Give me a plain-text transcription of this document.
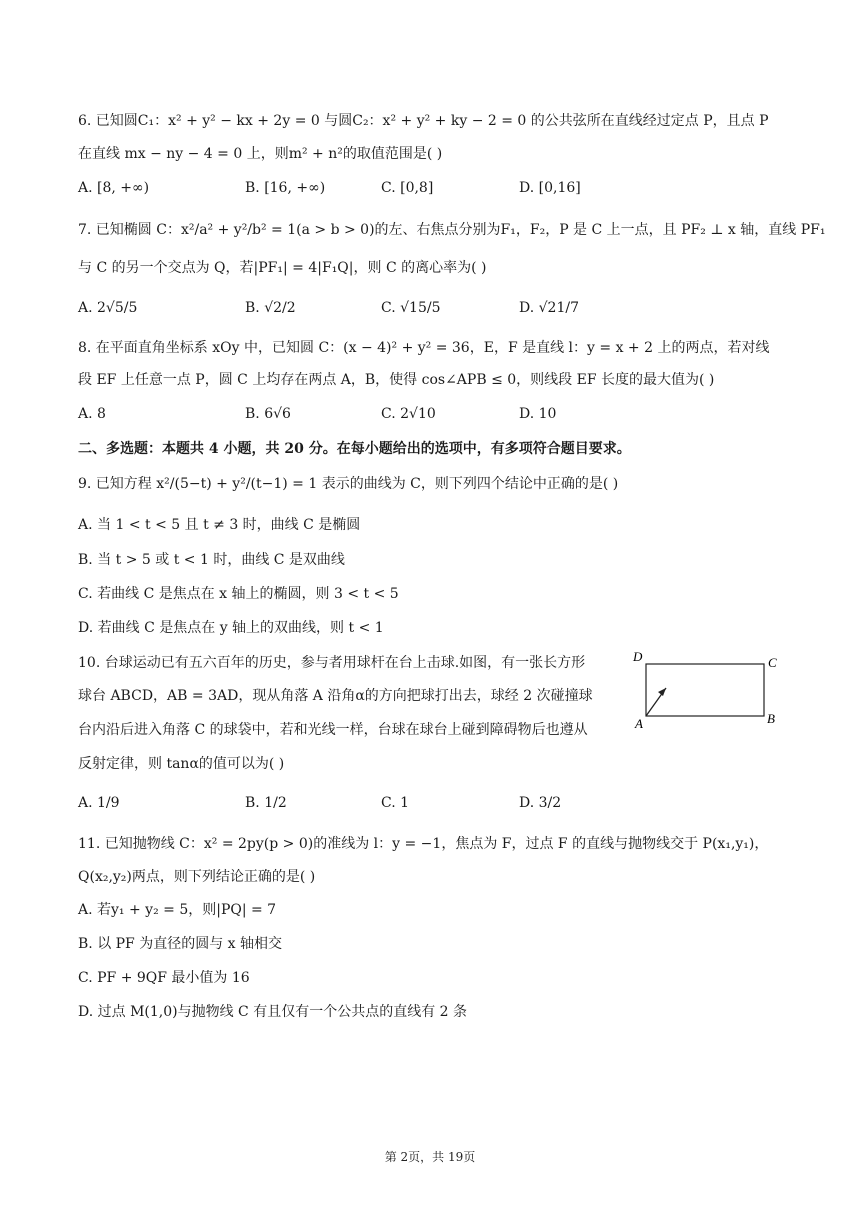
6. 已知圆C₁：x² + y² − kx + 2y = 0 与圆C₂：x² + y² + ky − 2 = 0 的公共弦所在直线经过定点 P，且点 P
在直线 mx − ny − 4 = 0 上，则m² + n²的取值范围是( )
A. [8, +∞)	B. [16, +∞)	C. [0,8]	D. [0,16]
7. 已知椭圆 C：x²/a² + y²/b² = 1(a > b > 0)的左、右焦点分别为F₁，F₂，P 是 C 上一点，且 PF₂ ⊥ x 轴，直线 PF₁
与 C 的另一个交点为 Q，若|PF₁| = 4|F₁Q|，则 C 的离心率为( )
A. 2√5/5	B. √2/2	C. √15/5	D. √21/7
8. 在平面直角坐标系 xOy 中，已知圆 C：(x − 4)² + y² = 36，E，F 是直线 l：y = x + 2 上的两点，若对线
段 EF 上任意一点 P，圆 C 上均存在两点 A，B，使得 cos∠APB ≤ 0，则线段 EF 长度的最大值为( )
A. 8	B. 6√6	C. 2√10	D. 10
二、多选题：本题共 4 小题，共 20 分。在每小题给出的选项中，有多项符合题目要求。
9. 已知方程 x²/(5−t) + y²/(t−1) = 1 表示的曲线为 C，则下列四个结论中正确的是( )
A. 当 1 < t < 5 且 t ≠ 3 时，曲线 C 是椭圆
B. 当 t > 5 或 t < 1 时，曲线 C 是双曲线
C. 若曲线 C 是焦点在 x 轴上的椭圆，则 3 < t < 5
D. 若曲线 C 是焦点在 y 轴上的双曲线，则 t < 1
10. 台球运动已有五六百年的历史，参与者用球杆在台上击球.如图，有一张长方形
球台 ABCD，AB = 3AD，现从角落 A 沿角α的方向把球打出去，球经 2 次碰撞球
台内沿后进入角落 C 的球袋中，若和光线一样，台球在球台上碰到障碍物后也遵从
反射定律，则 tanα的值可以为( )
D	C
A	B
A. 1/9	B. 1/2	C. 1	D. 3/2
11. 已知抛物线 C：x² = 2py(p > 0)的准线为 l：y = −1，焦点为 F，过点 F 的直线与抛物线交于 P(x₁,y₁)，
Q(x₂,y₂)两点，则下列结论正确的是( )
A. 若y₁ + y₂ = 5，则|PQ| = 7
B. 以 PF 为直径的圆与 x 轴相交
C. PF + 9QF 最小值为 16
D. 过点 M(1,0)与抛物线 C 有且仅有一个公共点的直线有 2 条
第 2页，共 19页
